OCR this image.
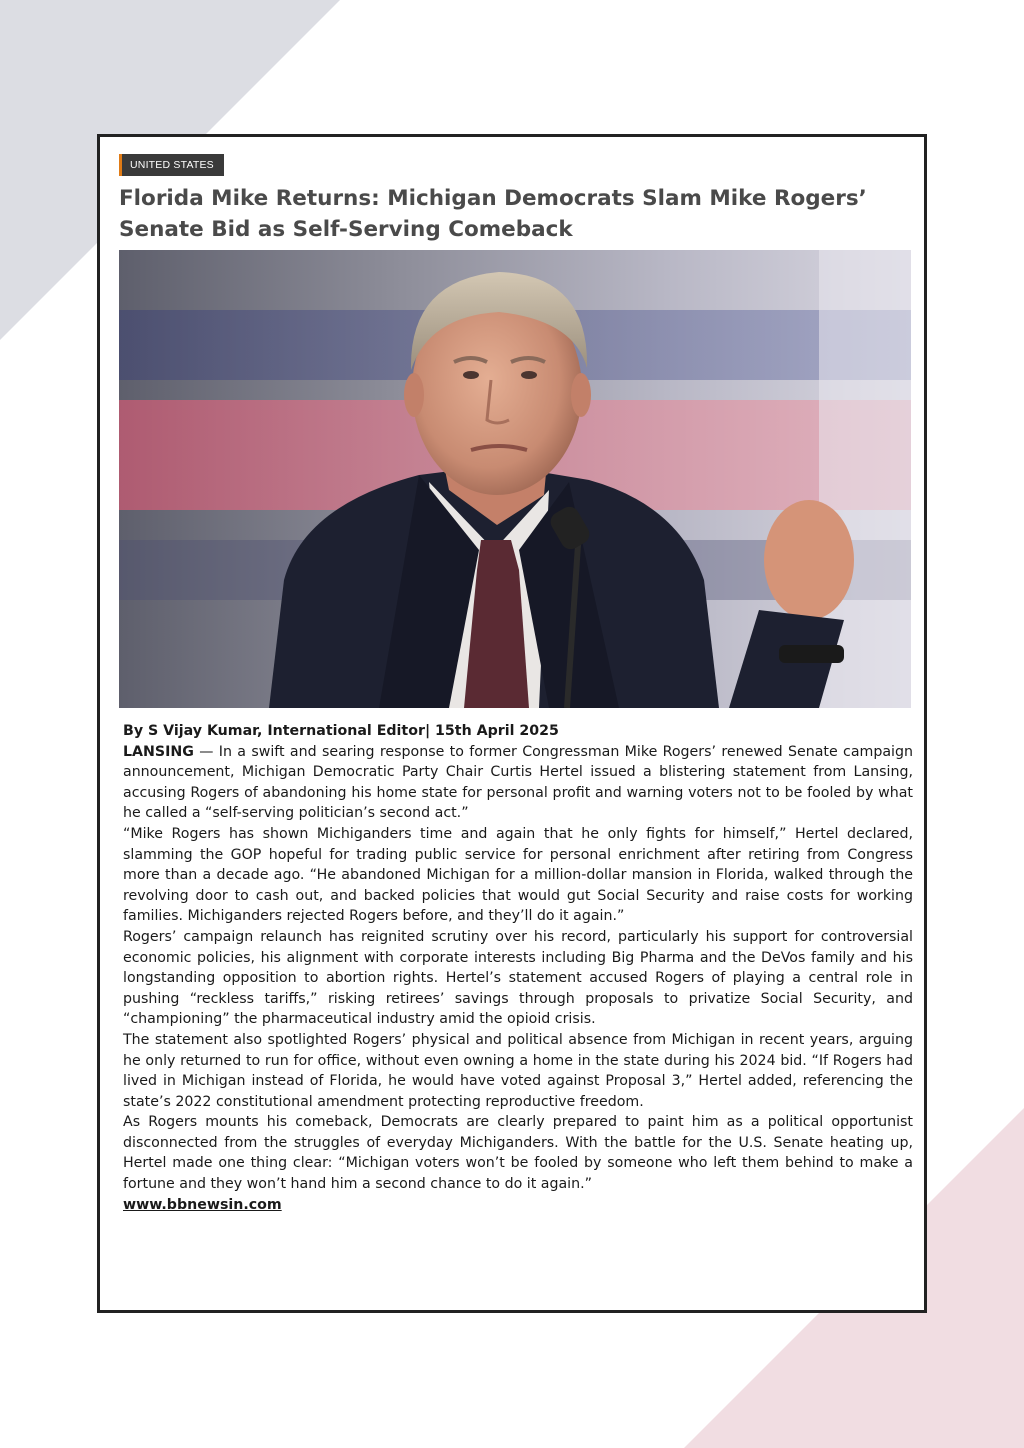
UNITED STATES
Florida Mike Returns: Michigan Democrats Slam Mike Rogers’ Senate Bid as Self-Serving Comeback

By S Vijay Kumar, International Editor| 15th April 2025

LANSING — In a swift and searing response to former Congressman Mike Rogers’ renewed Senate campaign announcement, Michigan Democratic Party Chair Curtis Hertel issued a blistering statement from Lansing, accusing Rogers of abandoning his home state for personal profit and warning voters not to be fooled by what he called a “self-serving politician’s second act.”

“Mike Rogers has shown Michiganders time and again that he only fights for himself,” Hertel declared, slamming the GOP hopeful for trading public service for personal enrichment after retiring from Congress more than a decade ago. “He abandoned Michigan for a million-dollar mansion in Florida, walked through the revolving door to cash out, and backed policies that would gut Social Security and raise costs for working families. Michiganders rejected Rogers before, and they’ll do it again.”

Rogers’ campaign relaunch has reignited scrutiny over his record, particularly his support for controversial economic policies, his alignment with corporate interests including Big Pharma and the DeVos family and his longstanding opposition to abortion rights. Hertel’s statement accused Rogers of playing a central role in pushing “reckless tariffs,” risking retirees’ savings through proposals to privatize Social Security, and “championing” the pharmaceutical industry amid the opioid crisis.

The statement also spotlighted Rogers’ physical and political absence from Michigan in recent years, arguing he only returned to run for office, without even owning a home in the state during his 2024 bid. “If Rogers had lived in Michigan instead of Florida, he would have voted against Proposal 3,” Hertel added, referencing the state’s 2022 constitutional amendment protecting reproductive freedom.

As Rogers mounts his comeback, Democrats are clearly prepared to paint him as a political opportunist disconnected from the struggles of everyday Michiganders. With the battle for the U.S. Senate heating up, Hertel made one thing clear: “Michigan voters won’t be fooled by someone who left them behind to make a fortune and they won’t hand him a second chance to do it again.”

www.bbnewsin.com
